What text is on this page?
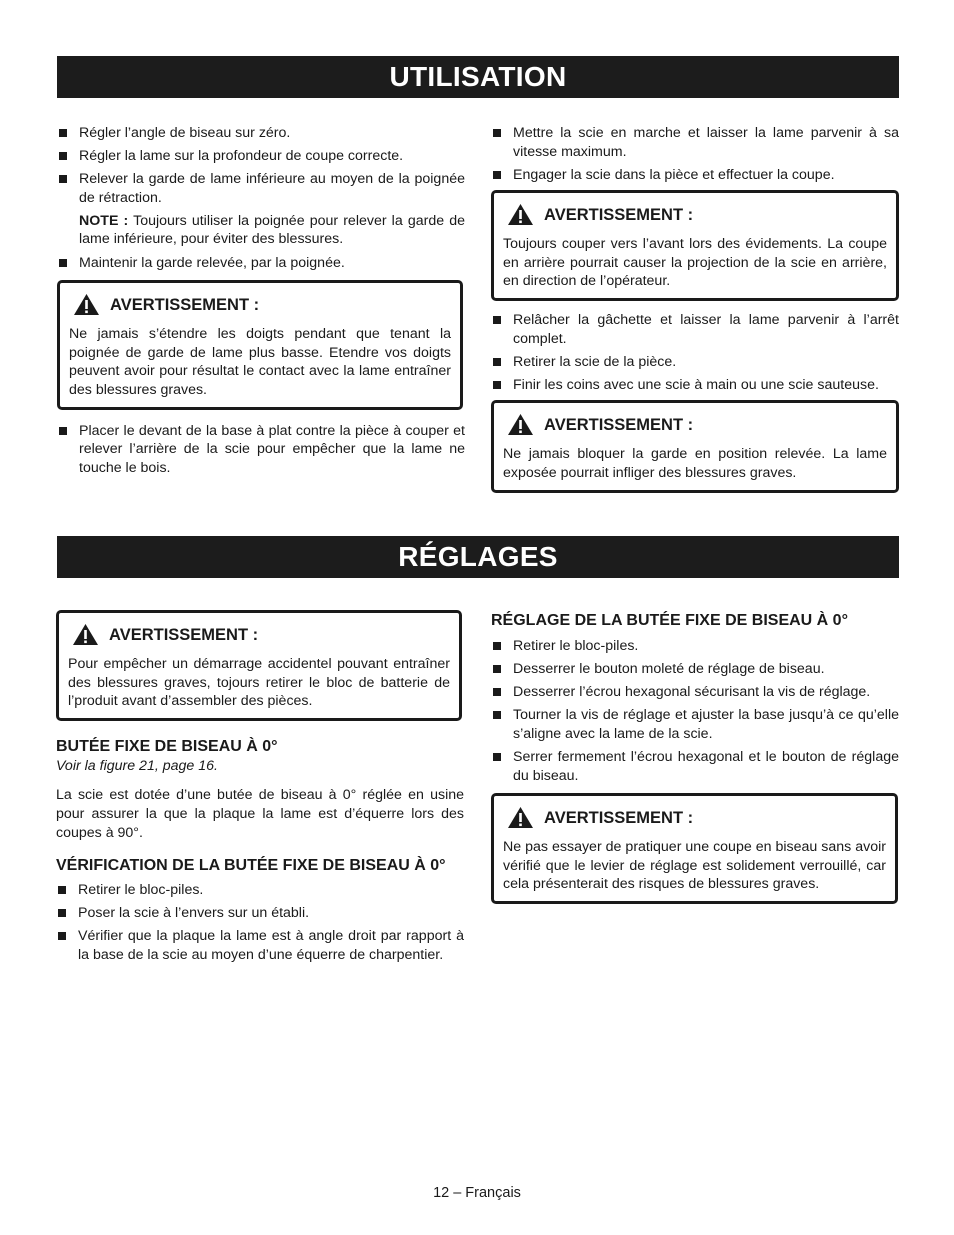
UTILISATION
Régler l’angle de biseau sur zéro.
Régler la lame sur la profondeur de coupe correcte.
Relever la garde de lame inférieure au moyen de la poignée de rétraction.

NOTE : Toujours utiliser la poignée pour relever la garde de lame inférieure, pour éviter des blessures.

Maintenir la garde relevée, par la poignée.
AVERTISSEMENT :

Ne jamais s’étendre les doigts pendant que tenant la poignée de garde de lame plus basse. Etendre vos doigts peuvent avoir pour résultat le contact avec la lame entraîner des blessures graves.

Placer le devant de la base à plat contre la pièce à couper et relever l’arrière de la scie pour empêcher que la lame ne touche le bois.
Mettre la scie en marche et laisser la lame parvenir à sa vitesse maximum.
Engager la scie dans la pièce et effectuer la coupe.
AVERTISSEMENT :

Toujours couper vers l’avant lors des évidements. La coupe en arrière pourrait causer la projection de la scie en arrière, en direction de l’opérateur.

Relâcher la gâchette et laisser la lame parvenir à l’arrêt complet.
Retirer la scie de la pièce.
Finir les coins avec une scie à main ou une scie sauteuse.
AVERTISSEMENT :

Ne jamais bloquer la garde en position relevée. La lame exposée pourrait infliger des blessures graves.

RÉGLAGES
AVERTISSEMENT :

Pour empêcher un démarrage accidentel pouvant entraîner des blessures graves, tojours retirer le bloc de batterie de l’produit avant d’assembler des pièces.

BUTÉE FIXE DE BISEAU À 0°

Voir la figure 21, page 16.

La scie est dotée d’une butée de biseau à 0° réglée en usine pour assurer la que la plaque la lame est d’équerre lors des coupes à 90°.

VÉRIFICATION DE LA BUTÉE FIXE DE BISEAU À 0°
Retirer le bloc-piles.
Poser la scie à l’envers sur un établi.
Vérifier que la plaque la lame est à angle droit par rapport à la base de la scie au moyen d’une équerre de charpentier.
RÉGLAGE DE LA BUTÉE FIXE DE BISEAU À 0°
Retirer le bloc-piles.
Desserrer le bouton moleté de réglage de biseau.
Desserrer l’écrou hexagonal sécurisant la vis de réglage.
Tourner la vis de réglage et ajuster la base jusqu’à ce qu’elle s’aligne avec la lame de la scie.
Serrer fermement l’écrou hexagonal et le bouton de réglage du biseau.
AVERTISSEMENT :

Ne pas essayer de pratiquer une coupe en biseau sans avoir vérifié que le levier de réglage est solidement verrouillé, car cela présenterait des risques de blessures graves.

12 – Français
